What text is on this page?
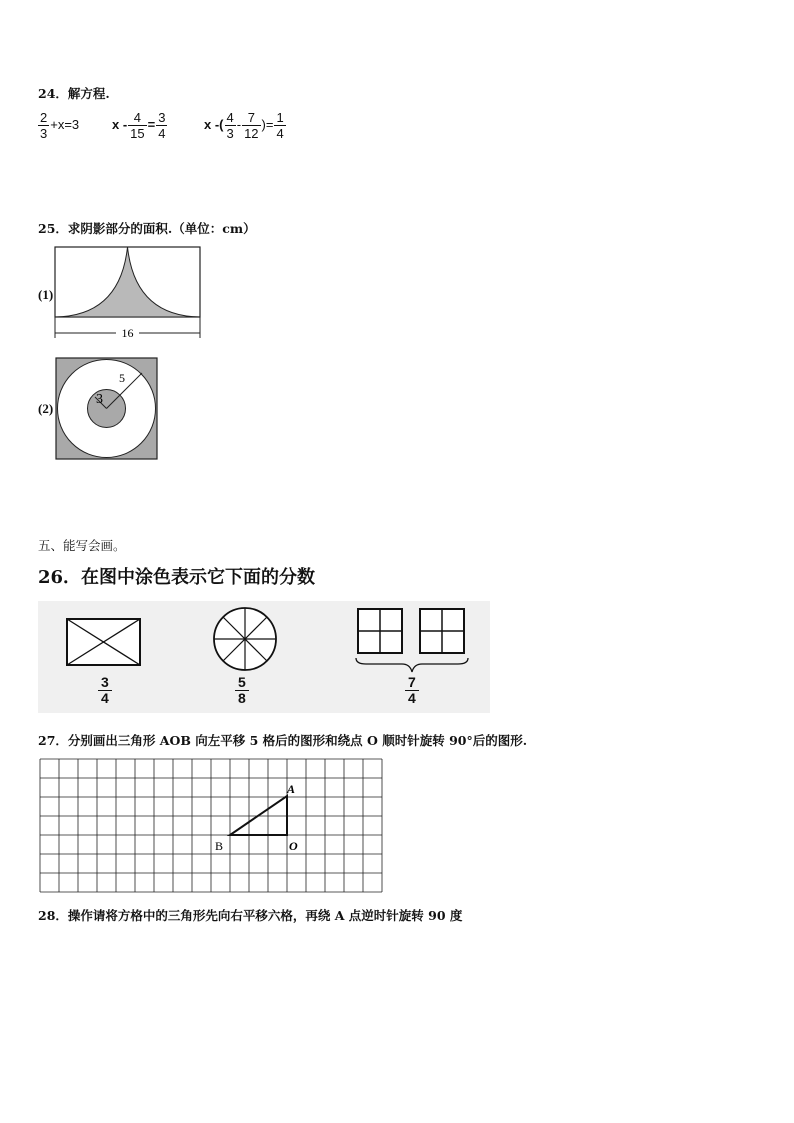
24．解方程.
$\frac{2}{3} +x=3$	$x - \frac{4}{15} = \frac{3}{4}$	x -( $\frac{4}{3} - \frac{7}{12}$ )= $\frac{1}{4}$
25．求阴影部分的面积.（单位：cm）
(1)
16
(2)
5
3
五、能写会画。
26．在图中涂色表示它下面的分数
3
4
5
8
7
4
27．分别画出三角形 AOB 向左平移 5 格后的图形和绕点 O 顺时针旋转 90°后的图形.
A
B	O
28．操作请将方格中的三角形先向右平移六格，再绕 A 点逆时针旋转 90 度
